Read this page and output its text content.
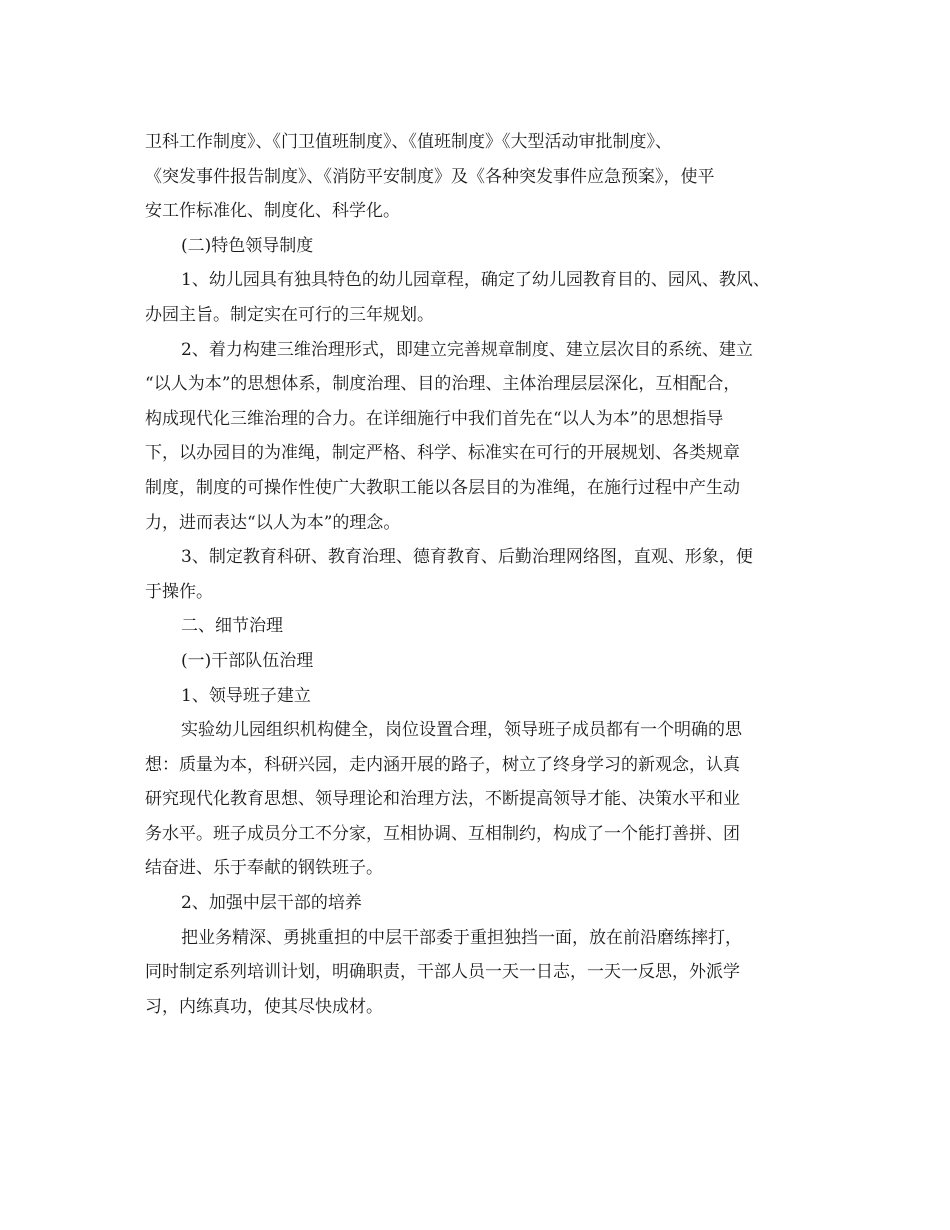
卫科工作制度》、《门卫值班制度》、《值班制度》《大型活动审批制度》、
《突发事件报告制度》、《消防平安制度》及《各种突发事件应急预案》，使平
安工作标准化、制度化、科学化。
(二)特色领导制度
1、幼儿园具有独具特色的幼儿园章程，确定了幼儿园教育目的、园风、教风、
办园主旨。制定实在可行的三年规划。
2、着力构建三维治理形式，即建立完善规章制度、建立层次目的系统、建立
“以人为本”的思想体系，制度治理、目的治理、主体治理层层深化，互相配合，
构成现代化三维治理的合力。在详细施行中我们首先在“以人为本”的思想指导
下，以办园目的为准绳，制定严格、科学、标准实在可行的开展规划、各类规章
制度，制度的可操作性使广大教职工能以各层目的为准绳，在施行过程中产生动
力，进而表达“以人为本”的理念。
3、制定教育科研、教育治理、德育教育、后勤治理网络图，直观、形象，便
于操作。
二、细节治理
(一)干部队伍治理
1、领导班子建立
实验幼儿园组织机构健全，岗位设置合理，领导班子成员都有一个明确的思
想：质量为本，科研兴园，走内涵开展的路子，树立了终身学习的新观念，认真
研究现代化教育思想、领导理论和治理方法，不断提高领导才能、决策水平和业
务水平。班子成员分工不分家，互相协调、互相制约，构成了一个能打善拼、团
结奋进、乐于奉献的钢铁班子。
2、加强中层干部的培养
把业务精深、勇挑重担的中层干部委于重担独挡一面，放在前沿磨练摔打，
同时制定系列培训计划，明确职责，干部人员一天一日志，一天一反思，外派学
习，内练真功，使其尽快成材。
